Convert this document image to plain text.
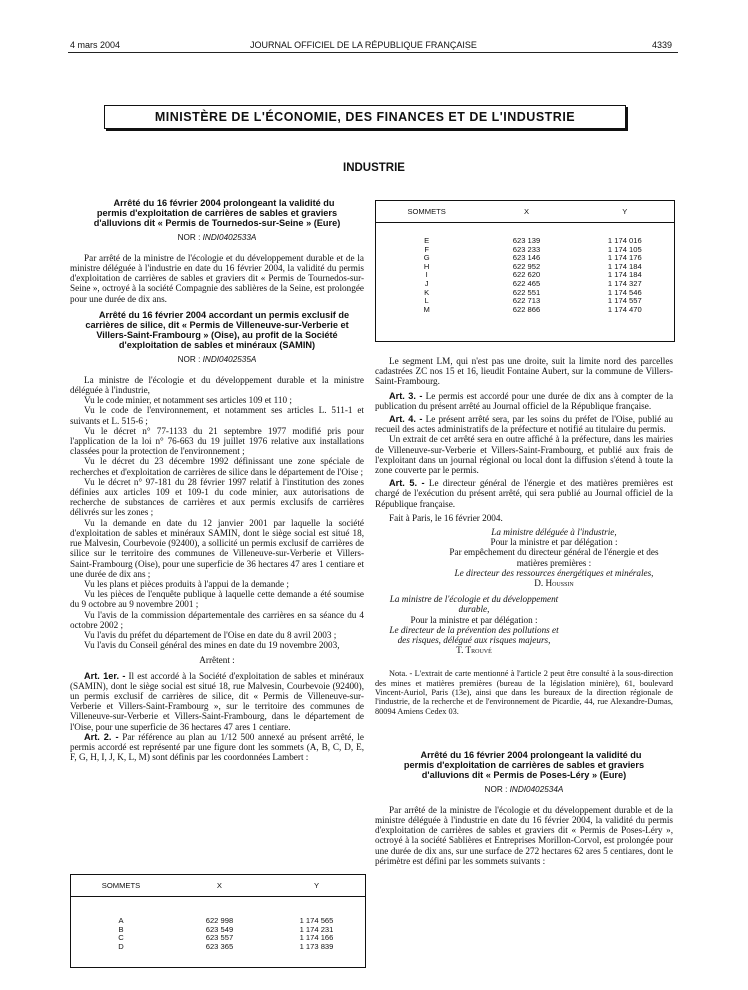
4 mars 2004	JOURNAL OFFICIEL DE LA RÉPUBLIQUE FRANÇAISE	4339
MINISTÈRE DE L'ÉCONOMIE, DES FINANCES ET DE L'INDUSTRIE
INDUSTRIE

Arrêté du 16 février 2004 prolongeant la validité du permis d'exploitation de carrières de sables et graviers d'alluvions dit « Permis de Tournedos-sur-Seine » (Eure)

NOR : INDI0402533A

Par arrêté de la ministre de l'écologie et du développement durable et de la ministre déléguée à l'industrie en date du 16 février 2004, la validité du permis d'exploitation de carrières de sables et graviers dit « Permis de Tournedos-sur-Seine », octroyé à la société Compagnie des sablières de la Seine, est prolongée pour une durée de dix ans.

Arrêté du 16 février 2004 accordant un permis exclusif de carrières de silice, dit « Permis de Villeneuve-sur-Verberie et Villers-Saint-Frambourg » (Oise), au profit de la Société d'exploitation de sables et minéraux (SAMIN)

NOR : INDI0402535A

La ministre de l'écologie et du développement durable et la ministre déléguée à l'industrie,

Vu le code minier, et notamment ses articles 109 et 110 ;

Vu le code de l'environnement, et notamment ses articles L. 511-1 et suivants et L. 515-6 ;

Vu le décret n° 77-1133 du 21 septembre 1977 modifié pris pour l'application de la loi n° 76-663 du 19 juillet 1976 relative aux installations classées pour la protection de l'environnement ;

Vu le décret du 23 décembre 1992 définissant une zone spéciale de recherches et d'exploitation de carrières de silice dans le département de l'Oise ;

Vu le décret n° 97-181 du 28 février 1997 relatif à l'institution des zones définies aux articles 109 et 109-1 du code minier, aux autorisations de recherche de substances de carrières et aux permis exclusifs de carrières délivrés sur les zones ;

Vu la demande en date du 12 janvier 2001 par laquelle la société d'exploitation de sables et minéraux SAMIN, dont le siège social est situé 18, rue Malvesin, Courbevoie (92400), a sollicité un permis exclusif de carrières de silice sur le territoire des communes de Villeneuve-sur-Verberie et Villers-Saint-Frambourg (Oise), pour une superficie de 36 hectares 47 ares 1 centiare et une durée de dix ans ;

Vu les plans et pièces produits à l'appui de la demande ;

Vu les pièces de l'enquête publique à laquelle cette demande a été soumise du 9 octobre au 9 novembre 2001 ;

Vu l'avis de la commission départementale des carrières en sa séance du 4 octobre 2002 ;

Vu l'avis du préfet du département de l'Oise en date du 8 avril 2003 ;

Vu l'avis du Conseil général des mines en date du 19 novembre 2003,

Arrêtent :

Art. 1er. - Il est accordé à la Société d'exploitation de sables et minéraux (SAMIN), dont le siège social est situé 18, rue Malvesin, Courbevoie (92400), un permis exclusif de carrières de silice, dit « Permis de Villeneuve-sur-Verberie et Villers-Saint-Frambourg », sur le territoire des communes de Villeneuve-sur-Verberie et Villers-Saint-Frambourg, dans le département de l'Oise, pour une superficie de 36 hectares 47 ares 1 centiare.

Art. 2. - Par référence au plan au 1/12 500 annexé au présent arrêté, le permis accordé est représenté par une figure dont les sommets (A, B, C, D, E, F, G, H, I, J, K, L, M) sont définis par les coordonnées Lambert :

SOMMETS	X	Y

A	622 998	1 174 565
B	623 549	1 174 231
C	623 557	1 174 166
D	623 365	1 173 839
SOMMETS	X	Y

E	623 139	1 174 016
F	623 233	1 174 105
G	623 146	1 174 176
H	622 952	1 174 184
I	622 620	1 174 184
J	622 465	1 174 327
K	622 551	1 174 546
L	622 713	1 174 557
M	622 866	1 174 470

Le segment LM, qui n'est pas une droite, suit la limite nord des parcelles cadastrées ZC nos 15 et 16, lieudit Fontaine Aubert, sur la commune de Villers-Saint-Frambourg.

Art. 3. - Le permis est accordé pour une durée de dix ans à compter de la publication du présent arrêté au Journal officiel de la République française.

Art. 4. - Le présent arrêté sera, par les soins du préfet de l'Oise, publié au recueil des actes administratifs de la préfecture et notifié au titulaire du permis.

Un extrait de cet arrêté sera en outre affiché à la préfecture, dans les mairies de Villeneuve-sur-Verberie et Villers-Saint-Frambourg, et publié aux frais de l'exploitant dans un journal régional ou local dont la diffusion s'étend à toute la zone couverte par le permis.

Art. 5. - Le directeur général de l'énergie et des matières premières est chargé de l'exécution du présent arrêté, qui sera publié au Journal officiel de la République française.

Fait à Paris, le 16 février 2004.

La ministre déléguée à l'industrie,
Pour la ministre et par délégation :
Par empêchement du directeur général de l'énergie et des matières premières :
Le directeur des ressources énergétiques et minérales,
D. Houssin
La ministre de l'écologie et du développement durable,
Pour la ministre et par délégation :
Le directeur de la prévention des pollutions et des risques, délégué aux risques majeurs,
T. Trouvé

Nota. - L'extrait de carte mentionné à l'article 2 peut être consulté à la sous-direction des mines et matières premières (bureau de la législation minière), 61, boulevard Vincent-Auriol, Paris (13e), ainsi que dans les bureaux de la direction régionale de l'industrie, de la recherche et de l'environnement de Picardie, 44, rue Alexandre-Dumas, 80094 Amiens Cedex 03.

Arrêté du 16 février 2004 prolongeant la validité du permis d'exploitation de carrières de sables et graviers d'alluvions dit « Permis de Poses-Léry » (Eure)

NOR : INDI0402534A

Par arrêté de la ministre de l'écologie et du développement durable et de la ministre déléguée à l'industrie en date du 16 février 2004, la validité du permis d'exploitation de carrières de sables et graviers dit « Permis de Poses-Léry », octroyé à la société Sablières et Entreprises Morillon-Corvol, est prolongée pour une durée de dix ans, sur une surface de 272 hectares 62 ares 5 centiares, dont le périmètre est défini par les sommets suivants :
